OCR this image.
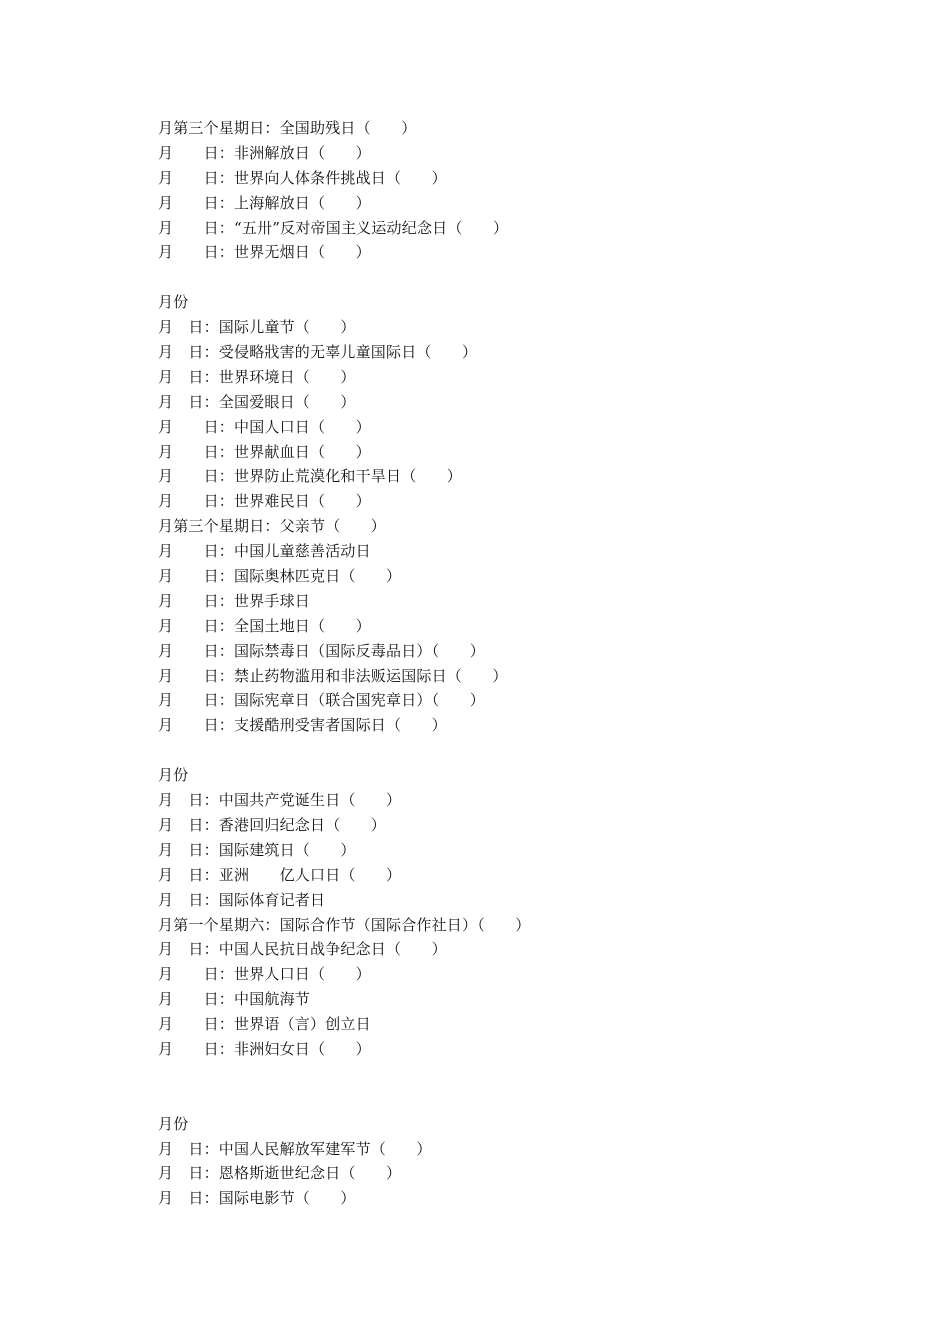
月第三个星期日：全国助残日（　　）
月　　日：非洲解放日（　　）
月　　日：世界向人体条件挑战日（　　）
月　　日：上海解放日（　　）
月　　日：“五卅”反对帝国主义运动纪念日（　　）
月　　日：世界无烟日（　　）
月份
月　日：国际儿童节（　　）
月　日：受侵略戕害的无辜儿童国际日（　　）
月　日：世界环境日（　　）
月　日：全国爱眼日（　　）
月　　日：中国人口日（　　）
月　　日：世界献血日（　　）
月　　日：世界防止荒漠化和干旱日（　　）
月　　日：世界难民日（　　）
月第三个星期日：父亲节（　　）
月　　日：中国儿童慈善活动日
月　　日：国际奥林匹克日（　　）
月　　日：世界手球日
月　　日：全国土地日（　　）
月　　日：国际禁毒日（国际反毒品日）（　　）
月　　日：禁止药物滥用和非法贩运国际日（　　）
月　　日：国际宪章日（联合国宪章日）（　　）
月　　日：支援酷刑受害者国际日（　　）
月份
月　日：中国共产党诞生日（　　）
月　日：香港回归纪念日（　　）
月　日：国际建筑日（　　）
月　日：亚洲　　亿人口日（　　）
月　日：国际体育记者日
月第一个星期六：国际合作节（国际合作社日）（　　）
月　日：中国人民抗日战争纪念日（　　）
月　　日：世界人口日（　　）
月　　日：中国航海节
月　　日：世界语（言）创立日
月　　日：非洲妇女日（　　）
月份
月　日：中国人民解放军建军节（　　）
月　日：恩格斯逝世纪念日（　　）
月　日：国际电影节（　　）
